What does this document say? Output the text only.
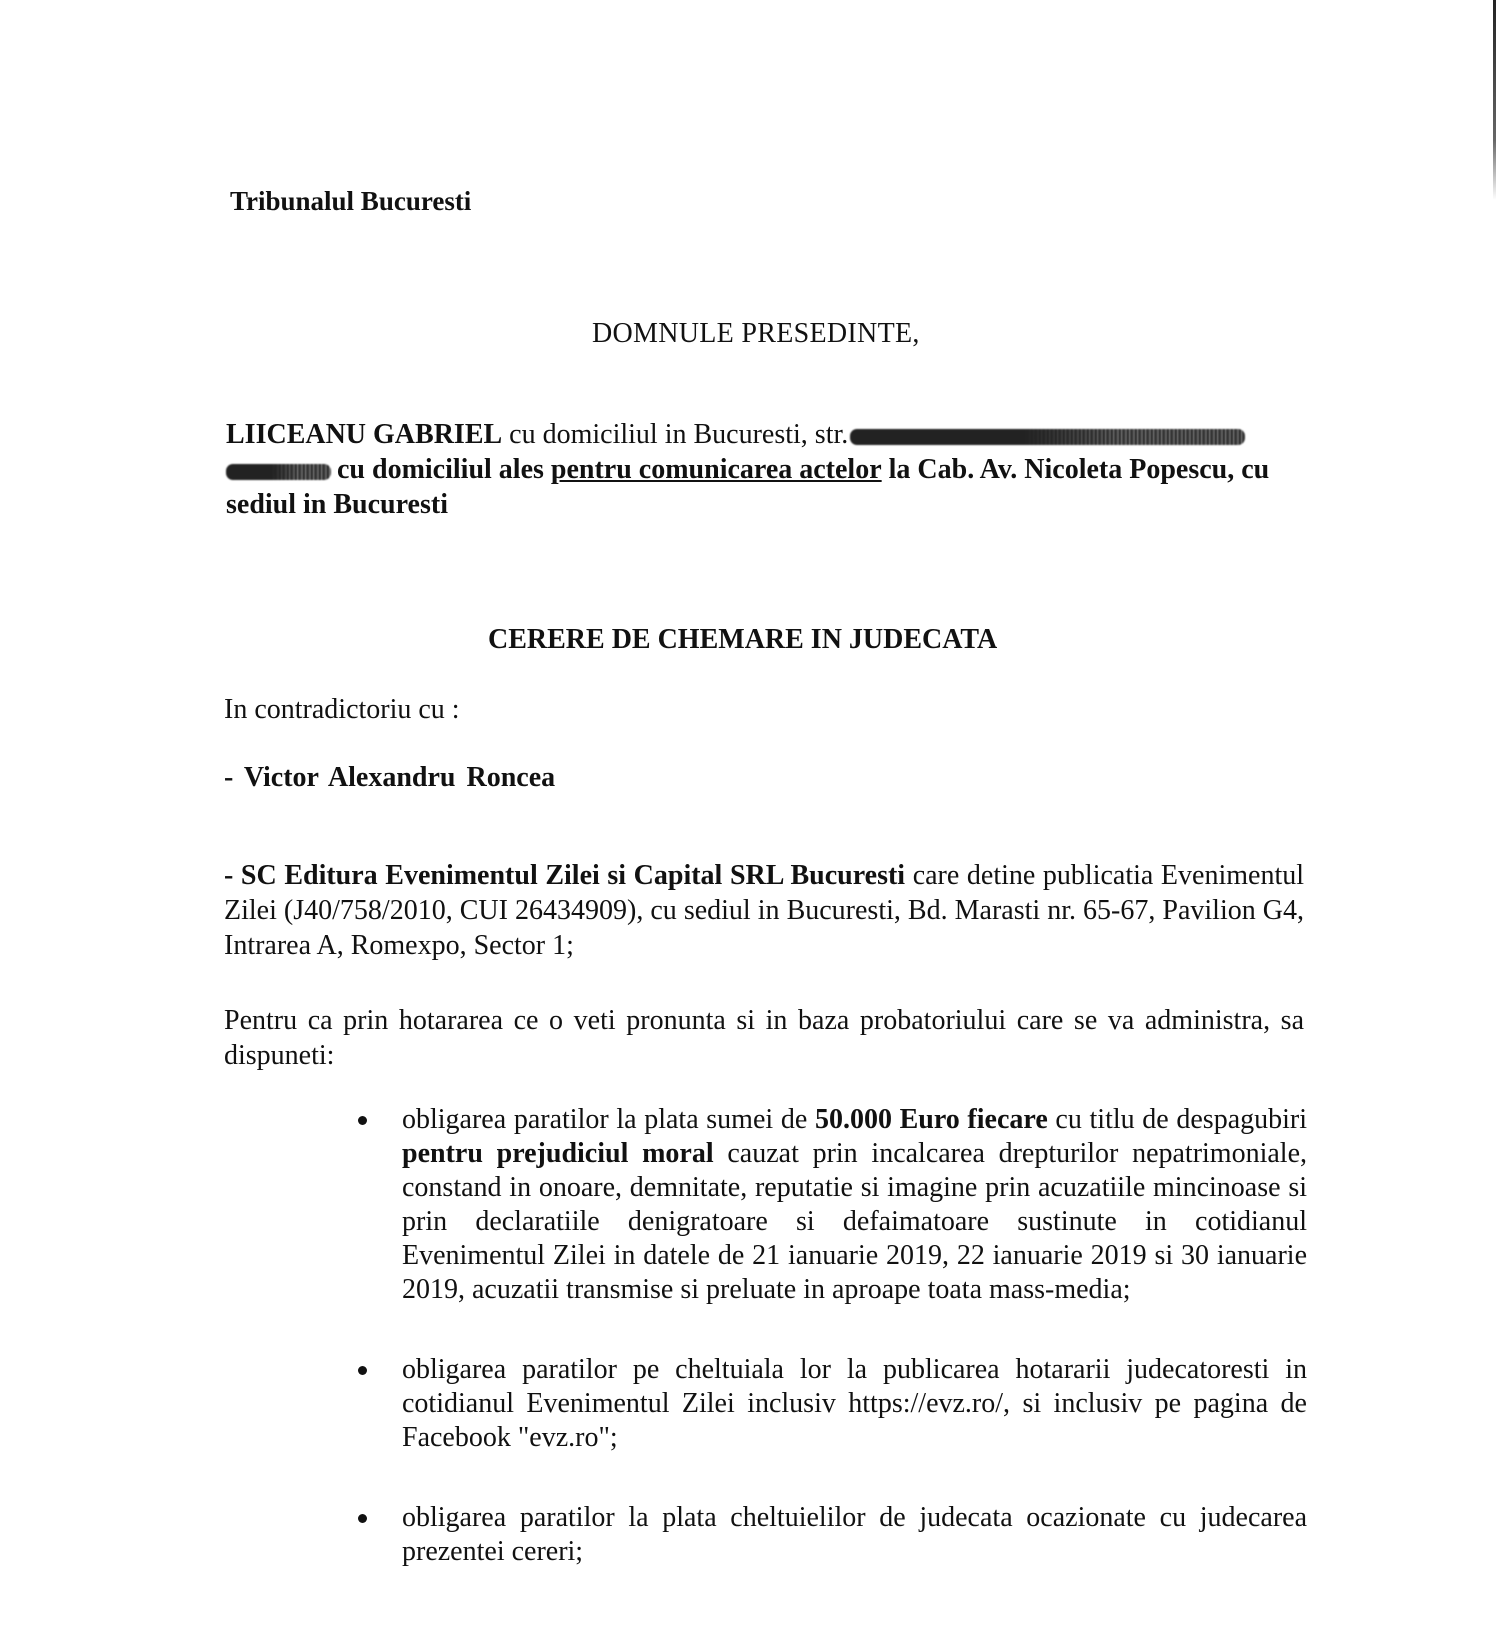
Tribunalul Bucuresti
DOMNULE PRESEDINTE,
LIICEANU GABRIEL cu domiciliul in Bucuresti, str.
cu domiciliul ales pentru comunicarea actelor la Cab. Av. Nicoleta Popescu, cu sediul in Bucuresti
CERERE DE CHEMARE IN JUDECATA
In contradictoriu cu :
- Victor Alexandru Roncea
- SC Editura Evenimentul Zilei si Capital SRL Bucuresti care detine publicatia Evenimentul Zilei (J40/758/2010, CUI 26434909), cu sediul in Bucuresti, Bd. Marasti nr. 65-67, Pavilion G4, Intrarea A, Romexpo, Sector 1;
Pentru ca prin hotararea ce o veti pronunta si in baza probatoriului care se va administra, sa dispuneti:
obligarea paratilor la plata sumei de 50.000 Euro fiecare cu titlu de despagubiri pentru prejudiciul moral cauzat prin incalcarea drepturilor nepatrimoniale, constand in onoare, demnitate, reputatie si imagine prin acuzatiile mincinoase si prin declaratiile denigratoare si defaimatoare sustinute in cotidianul Evenimentul Zilei in datele de 21 ianuarie 2019, 22 ianuarie 2019 si 30 ianuarie 2019, acuzatii transmise si preluate in aproape toata mass-media;
obligarea paratilor pe cheltuiala lor la publicarea hotararii judecatoresti in cotidianul Evenimentul Zilei inclusiv https://evz.ro/, si inclusiv pe pagina de Facebook "evz.ro";
obligarea paratilor la plata cheltuielilor de judecata ocazionate cu judecarea prezentei cereri;
